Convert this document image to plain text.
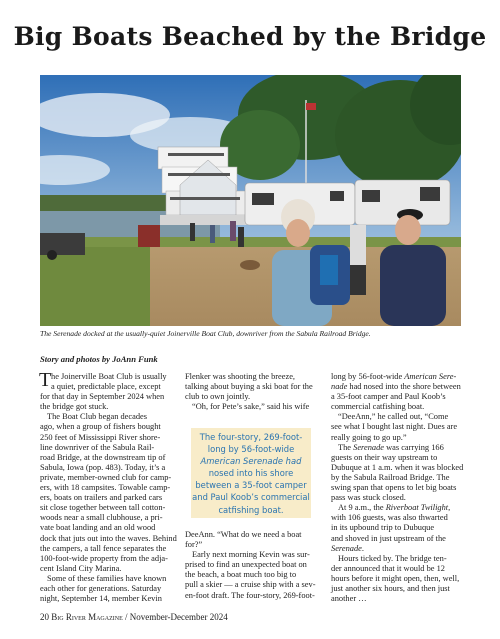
Big Boats Beached by the Bridge
The Serenade docked at the usually-quiet Joinerville Boat Club, downriver from the Sabula Railroad Bridge.
Story and photos by JoAnn Funk
T he Joinerville Boat Club is usually
a quiet, predictable place, except
for that day in September 2024 when
the bridge got stuck.
The Boat Club began decades
ago, when a group of fishers bought
250 feet of Mississippi River shore-
line downriver of the Sabula Rail-
road Bridge, at the downstream tip of
Sabula, Iowa (pop. 483). Today, it’s a
private, member-owned club for camp-
ers, with 18 campsites. Towable camp-
ers, boats on trailers and parked cars
sit close together between tall cotton-
woods near a small clubhouse, a pri-
vate boat landing and an old wood
dock that juts out into the waves. Behind
the campers, a tall fence separates the
100-foot-wide property from the adja-
cent Island City Marina.
Some of these families have known
each other for generations. Saturday
night, September 14, member Kevin
Flenker was shooting the breeze,
talking about buying a ski boat for the
club to own jointly.
“Oh, for Pete’s sake,” said his wife
The four-story, 269-foot-
long by 56-foot-wide
American Serenade had
nosed into his shore
between a 35-foot camper
and Paul Koob’s commercial
catfishing boat.
DeeAnn. “What do we need a boat
for?”
Early next morning Kevin was sur-
prised to find an unexpected boat on
the beach, a boat much too big to
pull a skier — a cruise ship with a sev-
en-foot draft. The four-story, 269-foot-
long by 56-foot-wide American Sere-
nade had nosed into the shore between
a 35-foot camper and Paul Koob’s
commercial catfishing boat.
“DeeAnn,” he called out, “Come
see what I bought last night. Dues are
really going to go up.”
The Serenade was carrying 166
guests on their way upstream to
Dubuque at 1 a.m. when it was blocked
by the Sabula Railroad Bridge. The
swing span that opens to let big boats
pass was stuck closed.
At 9 a.m., the Riverboat Twilight,
with 106 guests, was also thwarted
in its upbound trip to Dubuque
and shoved in just upstream of the
Serenade.
Hours ticked by. The bridge ten-
der announced that it would be 12
hours before it might open, then, well,
just another six hours, and then just
another …
20 Big River Magazine / November-December 2024
